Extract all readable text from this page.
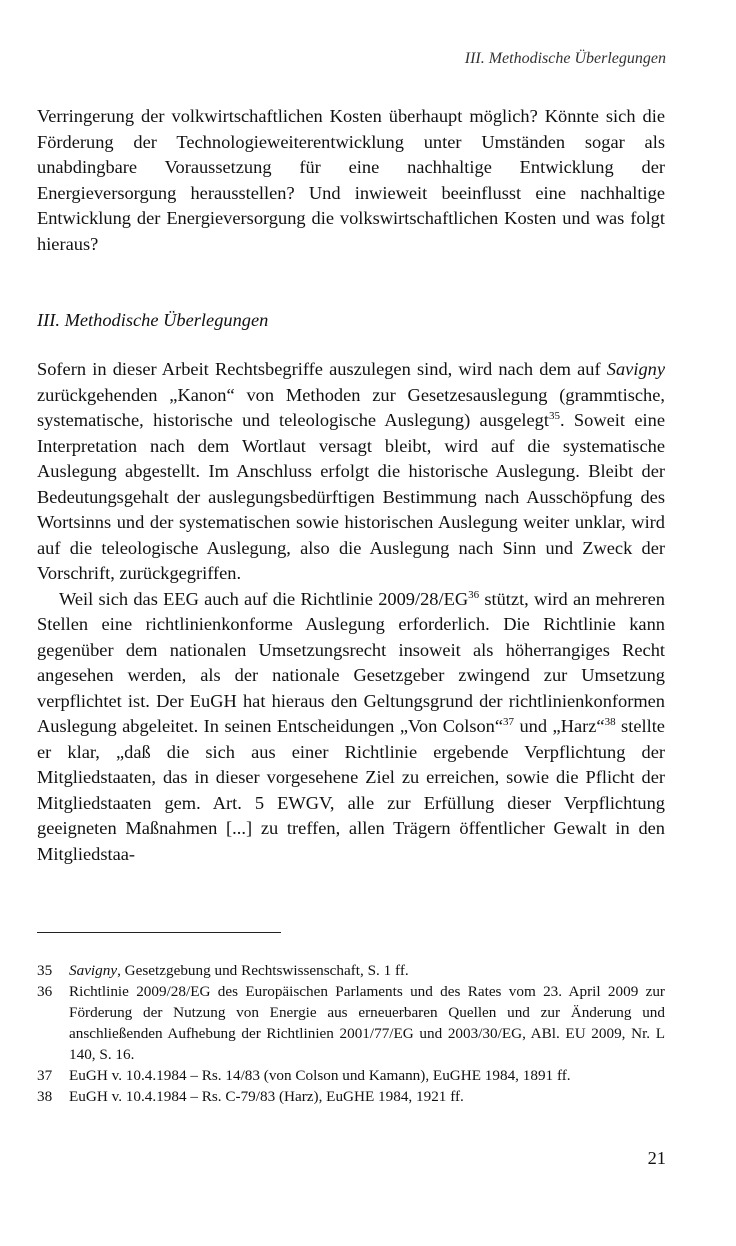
III. Methodische Überlegungen

Verringerung der volkwirtschaftlichen Kosten überhaupt möglich? Könnte sich die Förderung der Technologieweiterentwicklung unter Umständen sogar als unabdingbare Voraussetzung für eine nachhaltige Entwicklung der Energieversorgung herausstellen? Und inwieweit beeinflusst eine nachhaltige Entwicklung der Energieversorgung die volkswirtschaftlichen Kosten und was folgt hieraus?

III. Methodische Überlegungen

Sofern in dieser Arbeit Rechtsbegriffe auszulegen sind, wird nach dem auf Savigny zurückgehenden „Kanon“ von Methoden zur Gesetzesauslegung (grammtische, systematische, historische und teleologische Auslegung) ausgelegt$^{35}$. Soweit eine Interpretation nach dem Wortlaut versagt bleibt, wird auf die systematische Auslegung abgestellt. Im Anschluss erfolgt die historische Auslegung. Bleibt der Bedeutungsgehalt der auslegungsbedürftigen Bestimmung nach Ausschöpfung des Wortsinns und der systematischen sowie historischen Auslegung weiter unklar, wird auf die teleologische Auslegung, also die Auslegung nach Sinn und Zweck der Vorschrift, zurückgegriffen.

Weil sich das EEG auch auf die Richtlinie 2009/28/EG$^{36}$ stützt, wird an mehreren Stellen eine richtlinienkonforme Auslegung erforderlich. Die Richtlinie kann gegenüber dem nationalen Umsetzungsrecht insoweit als höherrangiges Recht angesehen werden, als der nationale Gesetzgeber zwingend zur Umsetzung verpflichtet ist. Der EuGH hat hieraus den Geltungsgrund der richtlinienkonformen Auslegung abgeleitet. In seinen Entscheidungen „Von Colson“$^{37}$ und „Harz“$^{38}$ stellte er klar, „daß die sich aus einer Richtlinie ergebende Verpflichtung der Mitgliedstaaten, das in dieser vorgesehene Ziel zu erreichen, sowie die Pflicht der Mitgliedstaaten gem. Art. 5 EWGV, alle zur Erfüllung dieser Verpflichtung geeigneten Maßnahmen [...] zu treffen, allen Trägern öffentlicher Gewalt in den Mitgliedstaa-

35	Savigny, Gesetzgebung und Rechtswissenschaft, S. 1 ff.
36	Richtlinie 2009/28/EG des Europäischen Parlaments und des Rates vom 23. April 2009 zur Förderung der Nutzung von Energie aus erneuerbaren Quellen und zur Änderung und anschließenden Aufhebung der Richtlinien 2001/77/EG und 2003/30/EG, ABl. EU 2009, Nr. L 140, S. 16.
37	EuGH v. 10.4.1984 – Rs. 14/83 (von Colson und Kamann), EuGHE 1984, 1891 ff.
38	EuGH v. 10.4.1984 – Rs. C-79/83 (Harz), EuGHE 1984, 1921 ff.
21
